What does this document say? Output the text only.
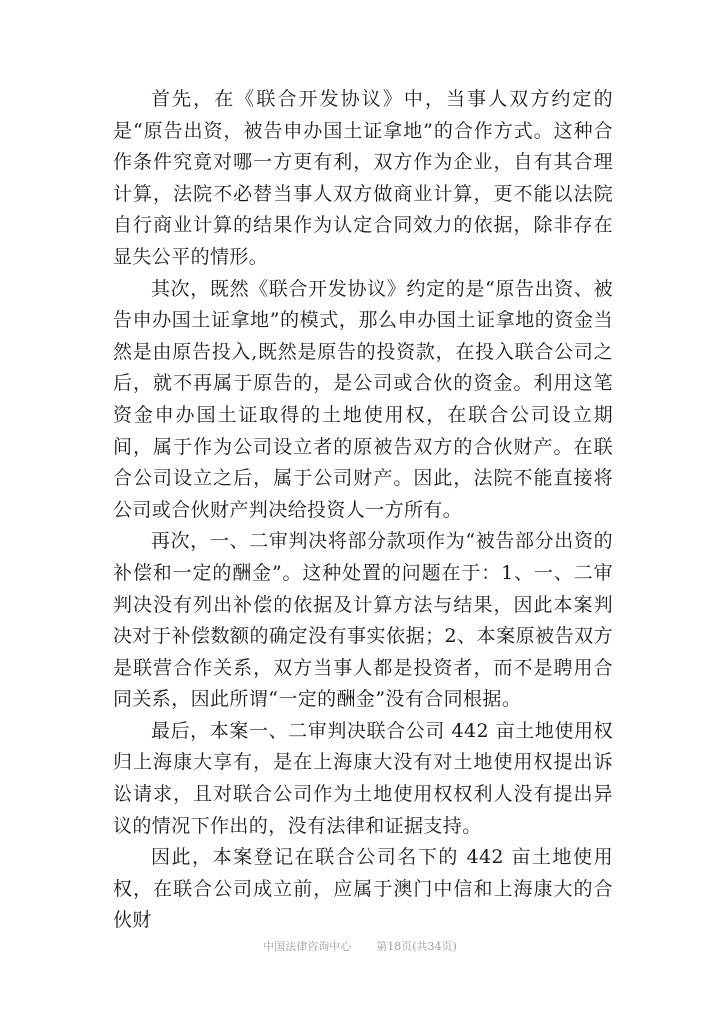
首先，在《联合开发协议》中，当事人双方约定的是“原告出资，被告申办国土证拿地”的合作方式。这种合作条件究竟对哪一方更有利，双方作为企业，自有其合理计算，法院不必替当事人双方做商业计算，更不能以法院自行商业计算的结果作为认定合同效力的依据，除非存在显失公平的情形。

其次，既然《联合开发协议》约定的是“原告出资、被告申办国土证拿地”的模式，那么申办国土证拿地的资金当然是由原告投入,既然是原告的投资款，在投入联合公司之后，就不再属于原告的，是公司或合伙的资金。利用这笔资金申办国土证取得的土地使用权，在联合公司设立期间，属于作为公司设立者的原被告双方的合伙财产。在联合公司设立之后，属于公司财产。因此，法院不能直接将公司或合伙财产判决给投资人一方所有。

再次，一、二审判决将部分款项作为“被告部分出资的补偿和一定的酬金”。这种处置的问题在于：1、一、二审判决没有列出补偿的依据及计算方法与结果，因此本案判决对于补偿数额的确定没有事实依据；2、本案原被告双方是联营合作关系，双方当事人都是投资者，而不是聘用合同关系，因此所谓“一定的酬金”没有合同根据。

最后，本案一、二审判决联合公司 442 亩土地使用权归上海康大享有，是在上海康大没有对土地使用权提出诉讼请求，且对联合公司作为土地使用权权利人没有提出异议的情况下作出的，没有法律和证据支持。

因此，本案登记在联合公司名下的 442 亩土地使用权，在联合公司成立前，应属于澳门中信和上海康大的合伙财

中国法律咨询中心 第18页(共34页)
